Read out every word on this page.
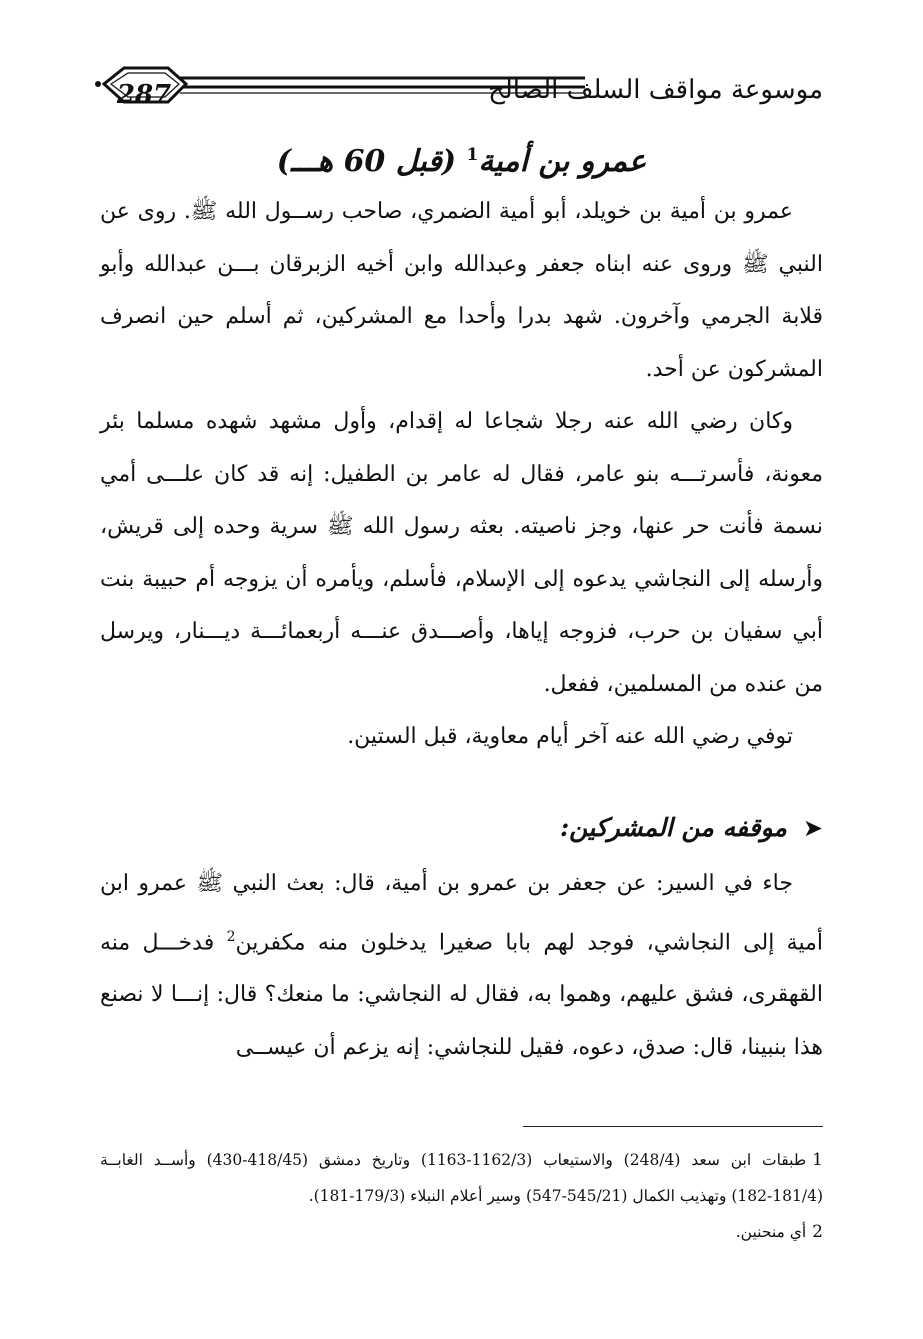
287	موسوعة مواقف السلف الصالح
عمرو بن أمية$^1$ (قبل 60 هـــ)

عمرو بن أمية بن خويلد، أبو أمية الضمري، صاحب رســول الله ﷺ. روى عن النبي ﷺ وروى عنه ابناه جعفر وعبدالله وابن أخيه الزبرقان بـــن عبدالله وأبو قلابة الجرمي وآخرون. شهد بدرا وأحدا مع المشركين، ثم أسلم حين انصرف المشركون عن أحد.

وكان رضي الله عنه رجلا شجاعا له إقدام، وأول مشهد شهده مسلما بئر معونة، فأسرتـــه بنو عامر، فقال له عامر بن الطفيل: إنه قد كان علـــى أمي نسمة فأنت حر عنها، وجز ناصيته. بعثه رسول الله ﷺ سرية وحده إلى قريش، وأرسله إلى النجاشي يدعوه إلى الإسلام، فأسلم، ويأمره أن يزوجه أم حبيبة بنت أبي سفيان بن حرب، فزوجه إياها، وأصـــدق عنـــه أربعمائـــة ديـــنار، ويرسل من عنده من المسلمين، ففعل.

توفي رضي الله عنه آخر أيام معاوية، قبل الستين.

➤موقفه من المشركين:

جاء في السير: عن جعفر بن عمرو بن أمية، قال: بعث النبي ﷺ عمرو ابن أمية إلى النجاشي، فوجد لهم بابا صغيرا يدخلون منه مكفرين$^2$ فدخـــل منه القهقرى، فشق عليهم، وهموا به، فقال له النجاشي: ما منعك؟ قال: إنـــا لا نصنع هذا بنبينا، قال: صدق، دعوه، فقيل للنجاشي: إنه يزعم أن عيســى

1طبقات ابن سعد (248/4) والاستيعاب (1162/3-1163) وتاريخ دمشق (418/45-430) وأســد الغابــة (181/4-182) وتهذيب الكمال (545/21-547) وسير أعلام النبلاء (179/3-181).

2أي منحنين.
